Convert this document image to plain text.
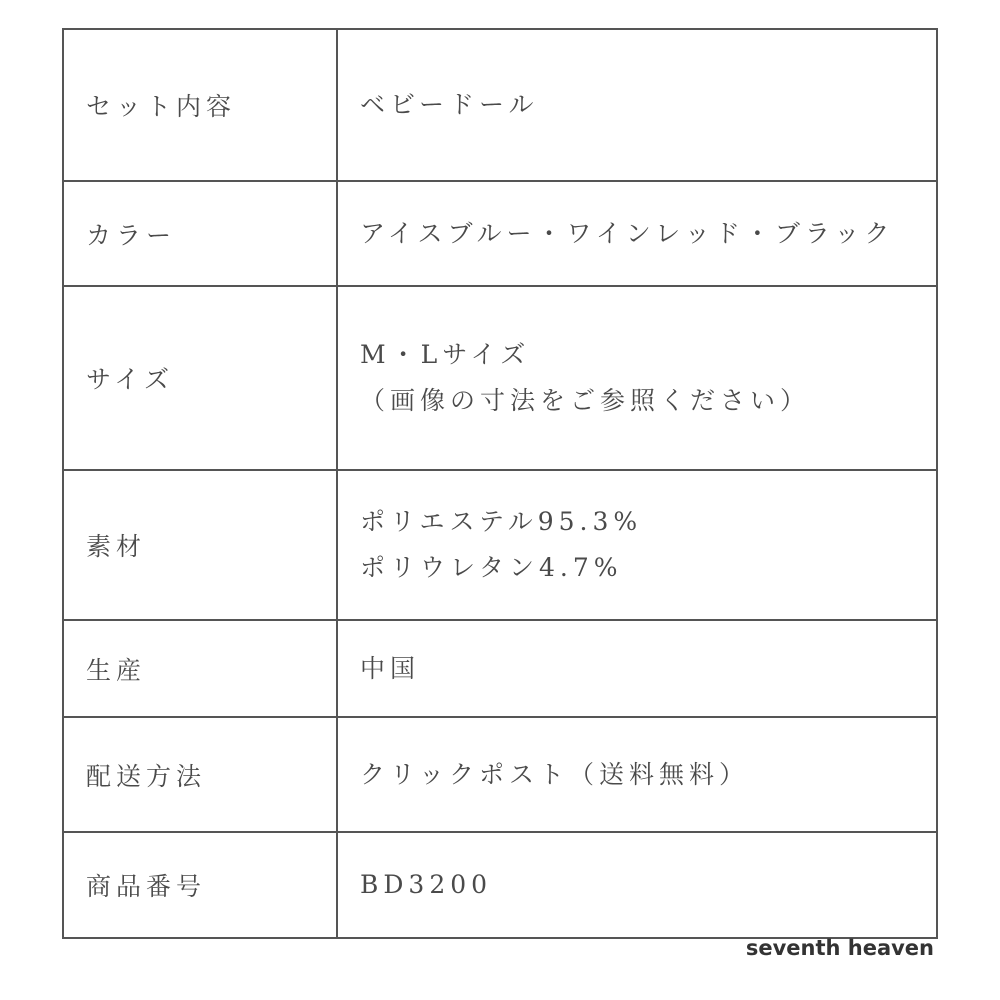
セット内容	ベビードール

カラー	アイスブルー・ワインレッド・ブラック

サイズ	M・Lサイズ
（画像の寸法をご参照ください）

素材	ポリエステル95.3%
ポリウレタン4.7%

生産	中国

配送方法	クリックポスト（送料無料）

商品番号	BD3200
seventh heaven
